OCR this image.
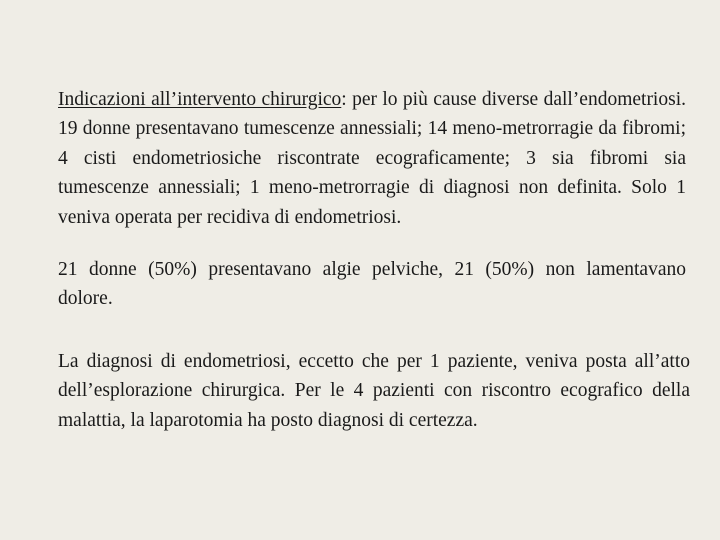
Indicazioni all’intervento chirurgico: per lo più cause diverse dall’endometriosi. 19 donne presentavano tumescenze annessiali; 14 meno-metrorragie da fibromi; 4 cisti endometriosiche riscontrate ecograficamente; 3 sia fibromi sia tumescenze annessiali; 1 meno-metrorragie di diagnosi non definita. Solo 1 veniva operata per recidiva di endometriosi.

21 donne (50%) presentavano algie pelviche, 21 (50%) non lamentavano dolore.

La diagnosi di endometriosi, eccetto che per 1 paziente, veniva posta all’atto dell’esplorazione chirurgica. Per le 4 pazienti con riscontro ecografico della malattia, la laparotomia ha posto diagnosi di certezza.
